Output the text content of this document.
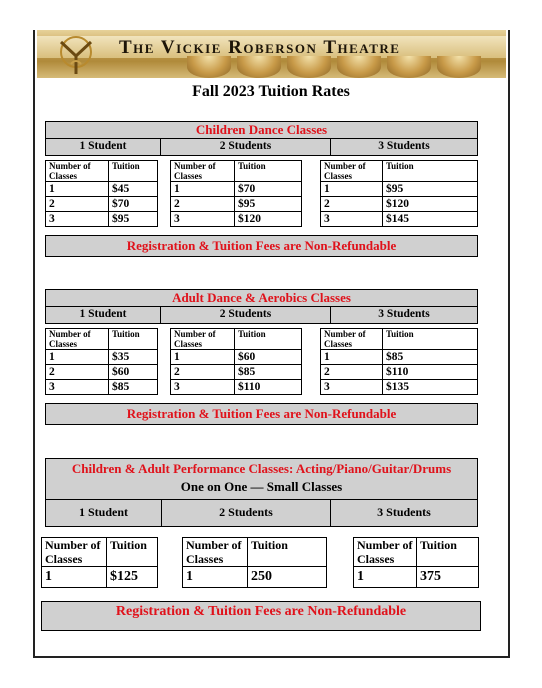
The Vickie Roberson Theatre
Fall 2023 Tuition Rates
Children Dance Classes
1 Student	2 Students	3 Students
Number of Classes	Tuition		Number of Classes	Tuition		Number of Classes	Tuition
1	$45		1	$70		1	$95
2	$70		2	$95		2	$120
3	$95		3	$120		3	$145
Registration & Tuition Fees are Non-Refundable
Adult Dance & Aerobics Classes
1 Student	2 Students	3 Students
Number of Classes	Tuition		Number of Classes	Tuition		Number of Classes	Tuition
1	$35		1	$60		1	$85
2	$60		2	$85		2	$110
3	$85		3	$110		3	$135
Registration & Tuition Fees are Non-Refundable
Children & Adult Performance Classes: Acting/Piano/Guitar/Drums
One on One — Small Classes
1 Student	2 Students	3 Students
Number of Classes	Tuition		Number of Classes	Tuition		Number of Classes	Tuition
1	$125		1	250		1	375
Registration & Tuition Fees are Non-Refundable
